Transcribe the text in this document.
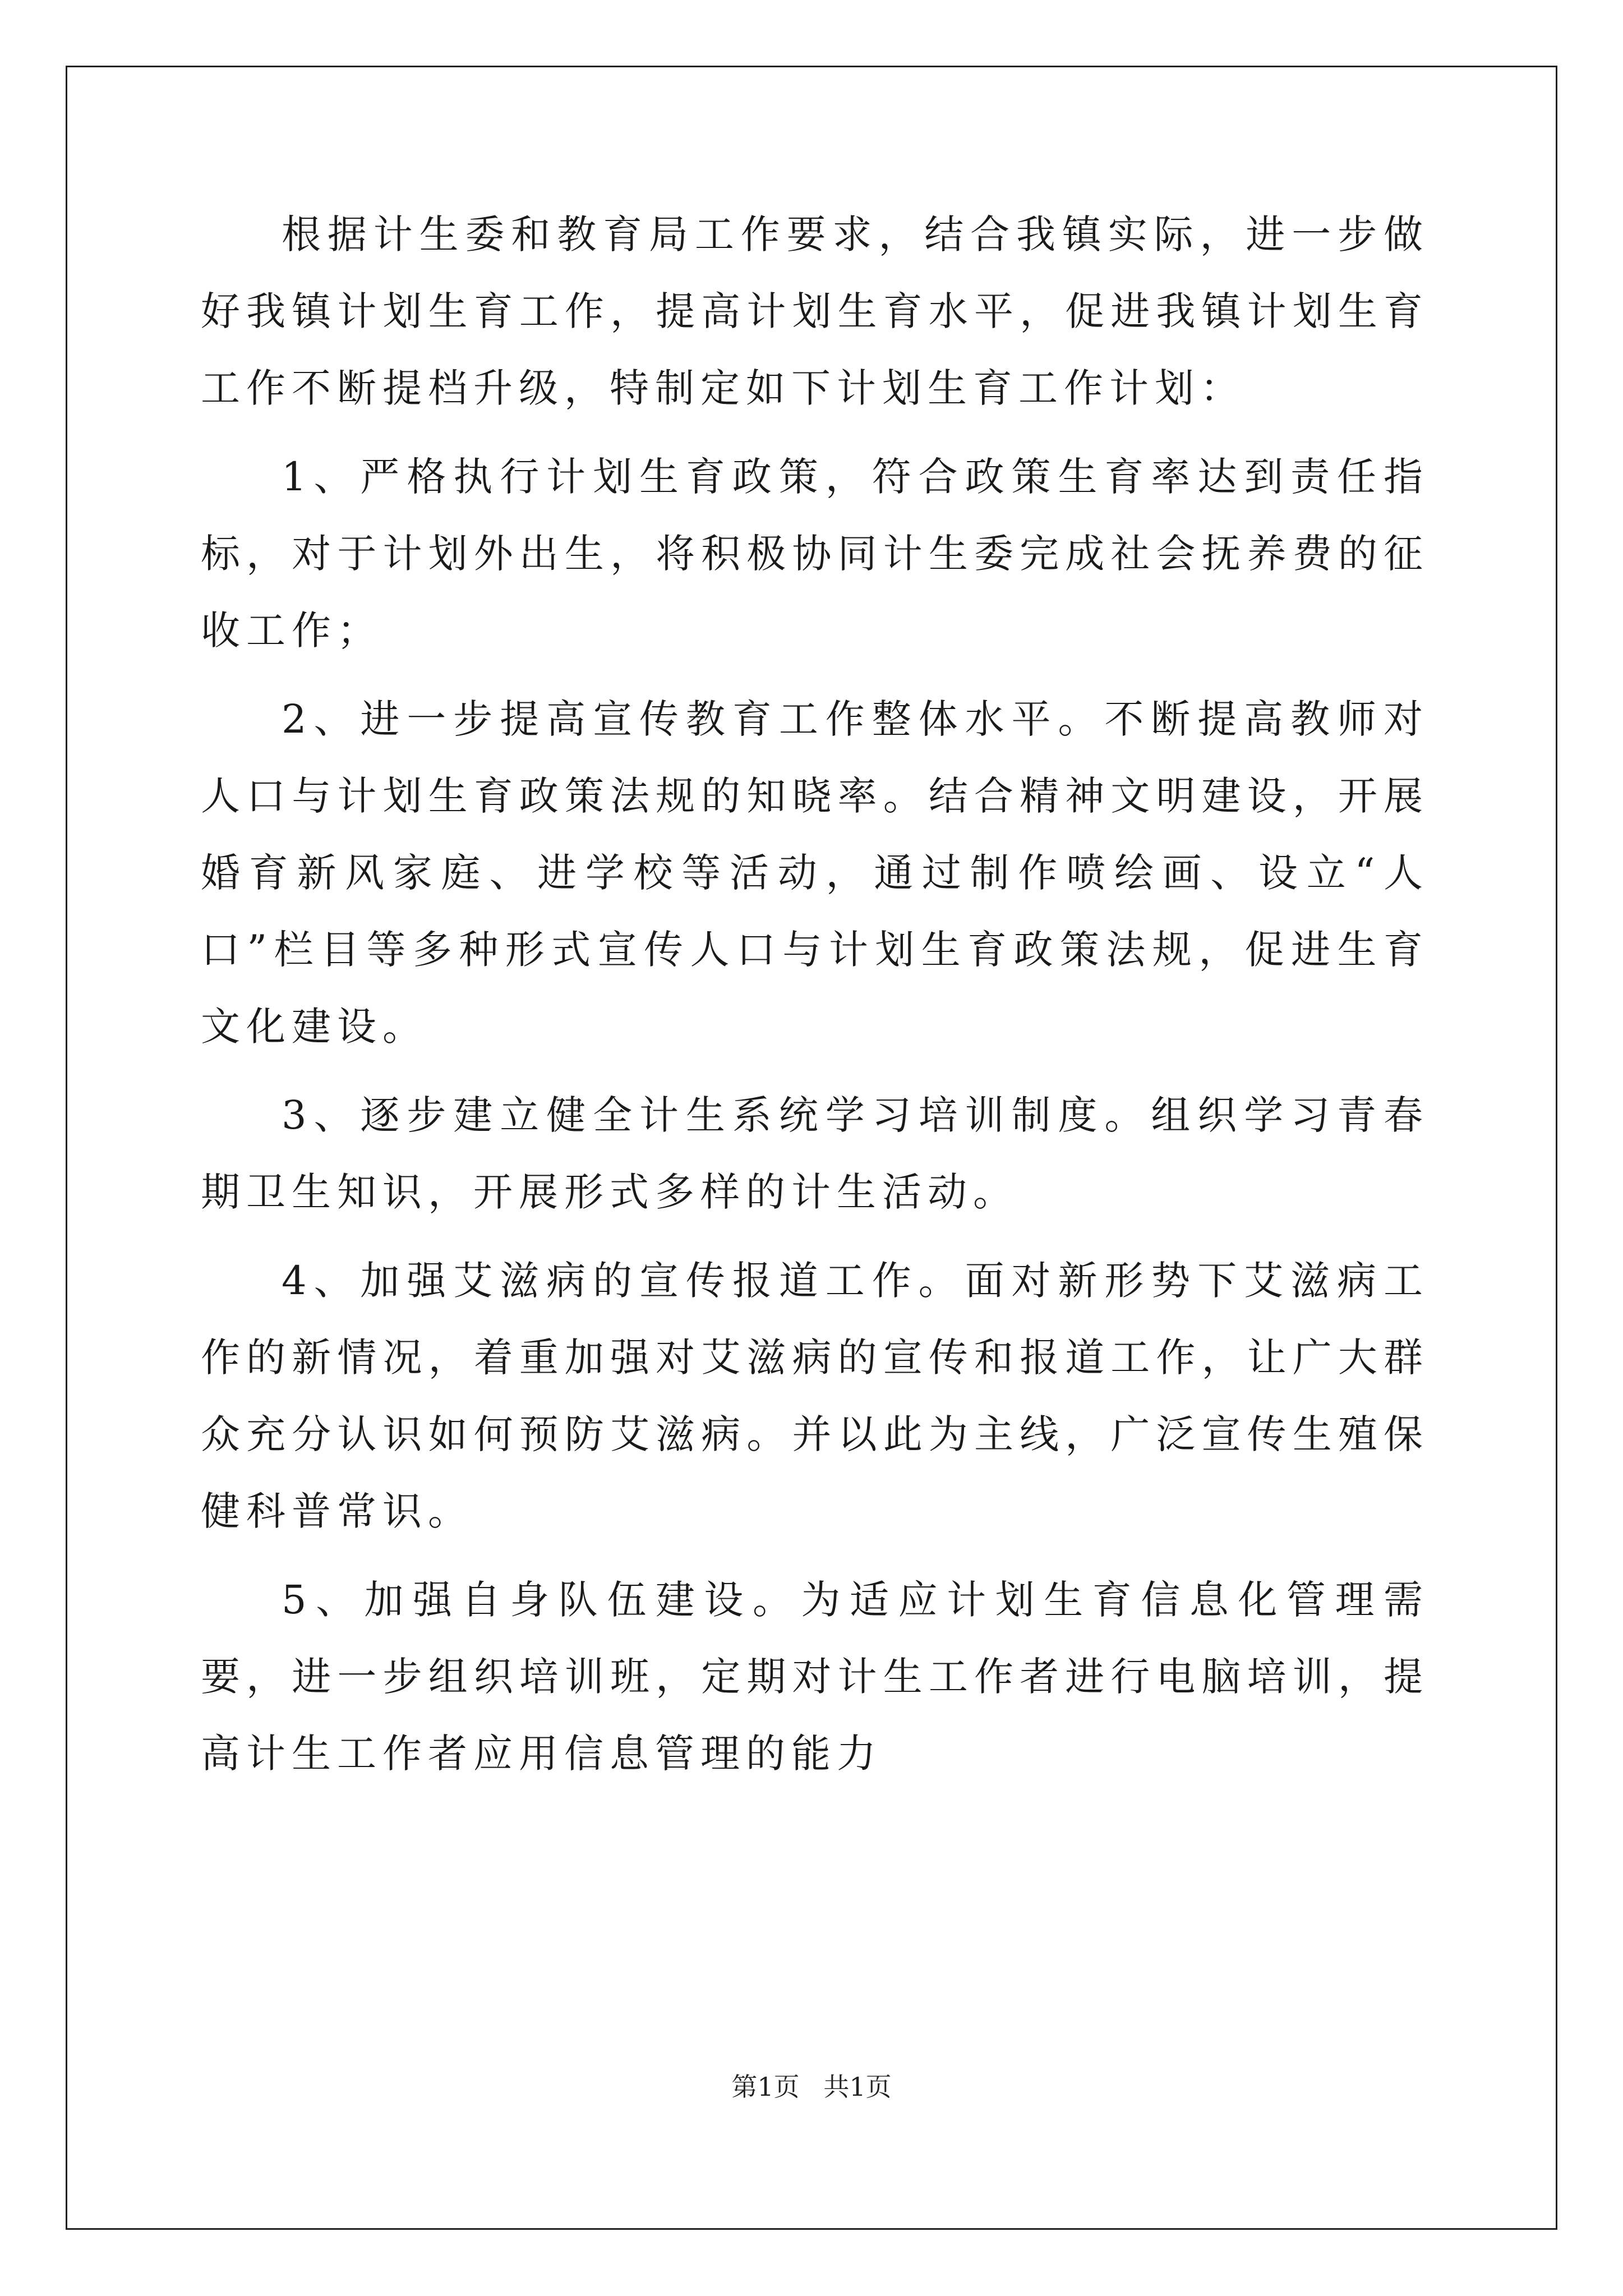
根据计生委和教育局工作要求，结合我镇实际，进一步做好我镇计划生育工作，提高计划生育水平，促进我镇计划生育工作不断提档升级，特制定如下计划生育工作计划：

1、严格执行计划生育政策，符合政策生育率达到责任指标，对于计划外出生，将积极协同计生委完成社会抚养费的征收工作；

2、进一步提高宣传教育工作整体水平。不断提高教师对人口与计划生育政策法规的知晓率。结合精神文明建设，开展婚育新风家庭、进学校等活动，通过制作喷绘画、设立“人口”栏目等多种形式宣传人口与计划生育政策法规，促进生育文化建设。

3、逐步建立健全计生系统学习培训制度。组织学习青春期卫生知识，开展形式多样的计生活动。

4、加强艾滋病的宣传报道工作。面对新形势下艾滋病工作的新情况，着重加强对艾滋病的宣传和报道工作，让广大群众充分认识如何预防艾滋病。并以此为主线，广泛宣传生殖保健科普常识。

5、加强自身队伍建设。为适应计划生育信息化管理需要，进一步组织培训班，定期对计生工作者进行电脑培训，提高计生工作者应用信息管理的能力

第1页 共1页
